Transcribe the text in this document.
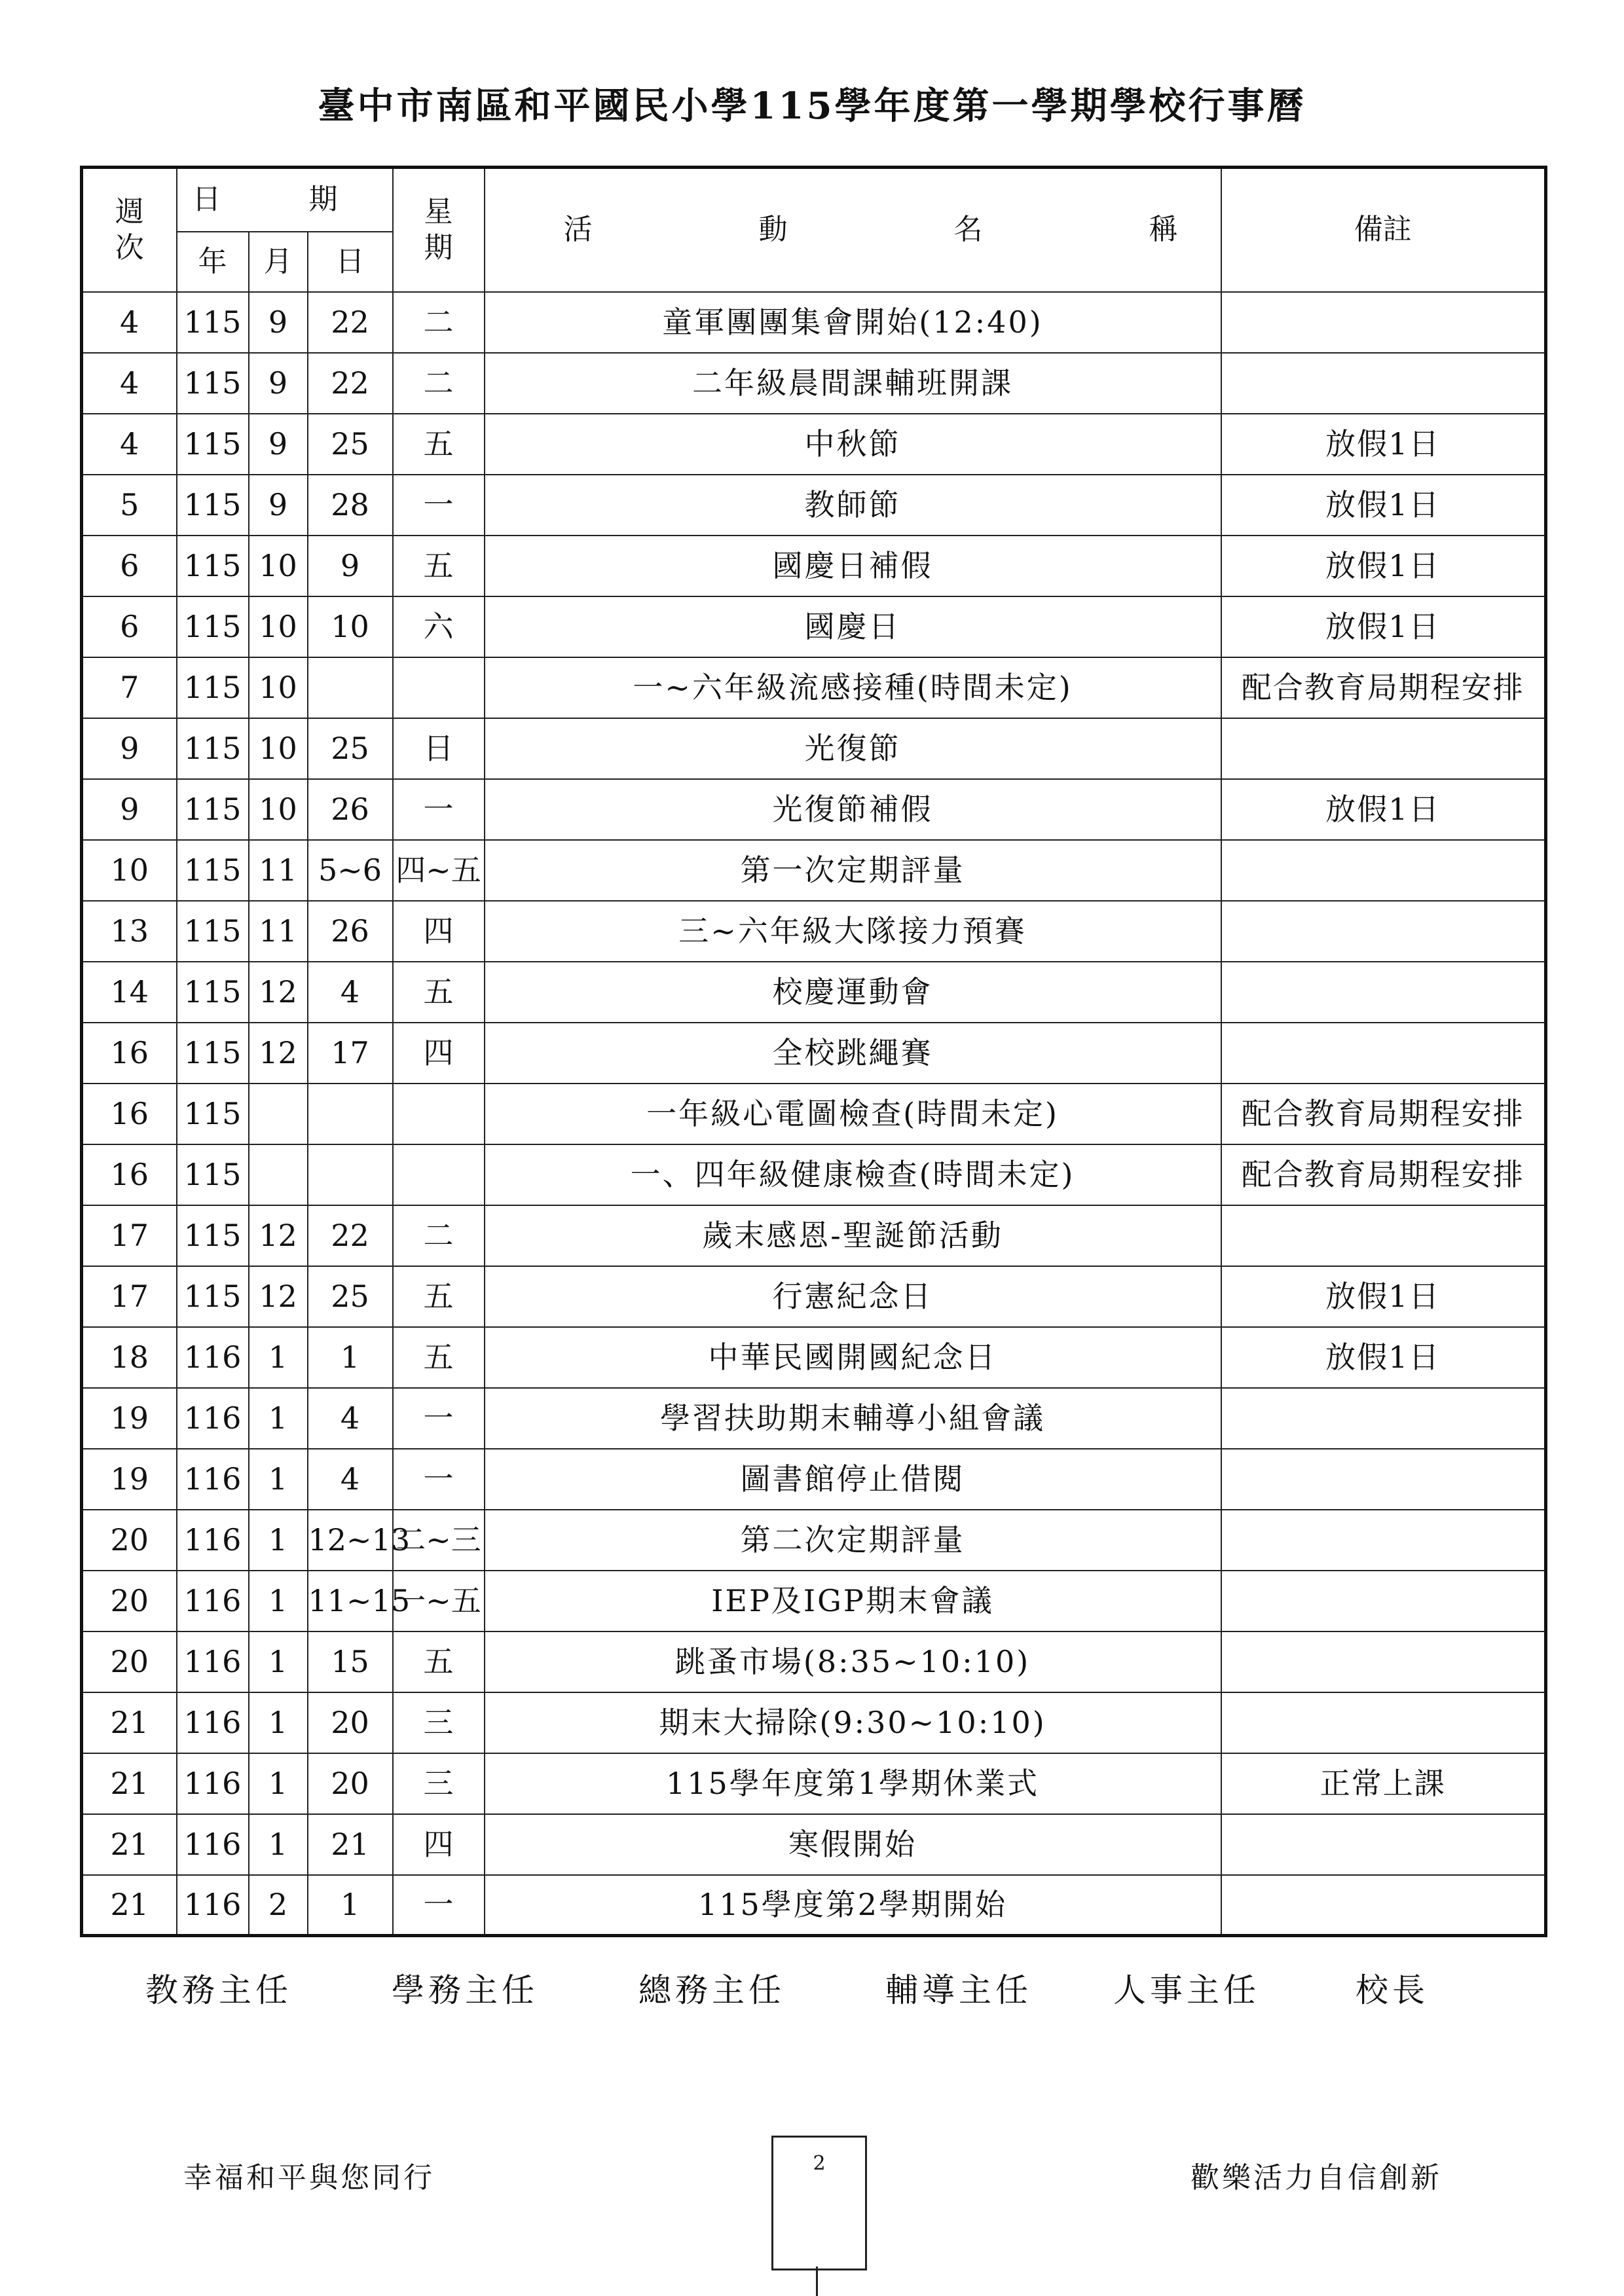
臺中市南區和平國民小學115學年度第一學期學校行事曆
週
次	日 期			星
期	活 動 名 稱	備註
	年	月	日			
4	115	9	22	二	童軍團團集會開始(12:40)	
4	115	9	22	二	二年級晨間課輔班開課	
4	115	9	25	五	中秋節	放假1日
5	115	9	28	一	教師節	放假1日
6	115	10	9	五	國慶日補假	放假1日
6	115	10	10	六	國慶日	放假1日
7	115	10			一~六年級流感接種(時間未定)	配合教育局期程安排
9	115	10	25	日	光復節	
9	115	10	26	一	光復節補假	放假1日
10	115	11	5~6	四~五	第一次定期評量	
13	115	11	26	四	三~六年級大隊接力預賽	
14	115	12	4	五	校慶運動會	
16	115	12	17	四	全校跳繩賽	
16	115				一年級心電圖檢查(時間未定)	配合教育局期程安排
16	115				一、四年級健康檢查(時間未定)	配合教育局期程安排
17	115	12	22	二	歲末感恩-聖誕節活動	
17	115	12	25	五	行憲紀念日	放假1日
18	116	1	1	五	中華民國開國紀念日	放假1日
19	116	1	4	一	學習扶助期末輔導小組會議	
19	116	1	4	一	圖書館停止借閱	
20	116	1	12~13	二~三	第二次定期評量	
20	116	1	11~15	一~五	IEP及IGP期末會議	
20	116	1	15	五	跳蚤市場(8:35~10:10)	
21	116	1	20	三	期末大掃除(9:30~10:10)	
21	116	1	20	三	115學年度第1學期休業式	正常上課
21	116	1	21	四	寒假開始	
21	116	2	1	一	115學度第2學期開始	
教務主任	學務主任	總務主任	輔導主任 人事主任	校長
幸福和平與您同行	歡樂活力自信創新
2
